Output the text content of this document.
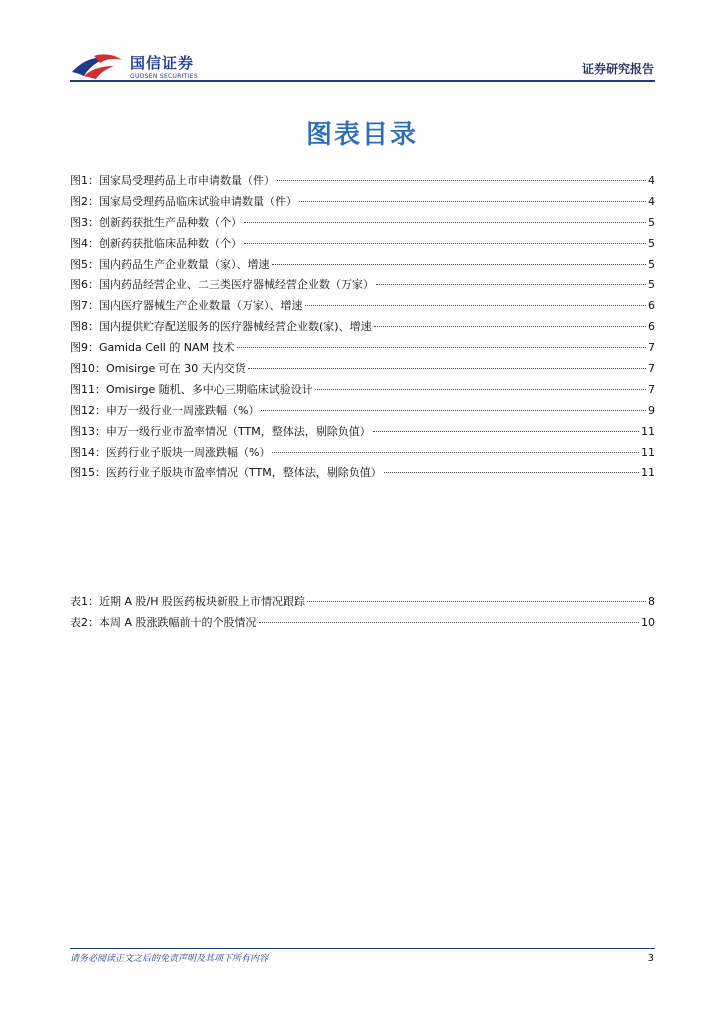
国信证券
GUOSEN SECURITIES
证券研究报告
图表目录
图1： 国家局受理药品上市申请数量（件）	4
图2： 国家局受理药品临床试验申请数量（件）	4
图3： 创新药获批生产品种数（个）	5
图4： 创新药获批临床品种数（个）	5
图5： 国内药品生产企业数量（家）、增速	5
图6： 国内药品经营企业、二三类医疗器械经营企业数（万家）	5
图7： 国内医疗器械生产企业数量（万家）、增速	6
图8： 国内提供贮存配送服务的医疗器械经营企业数(家)、增速	6
图9： Gamida Cell 的 NAM 技术	7
图10： Omisirge 可在 30 天内交货	7
图11： Omisirge 随机、多中心三期临床试验设计	7
图12： 申万一级行业一周涨跌幅（%）	9
图13： 申万一级行业市盈率情况（TTM，整体法，剔除负值）	11
图14： 医药行业子版块一周涨跌幅（%）	11
图15： 医药行业子版块市盈率情况（TTM，整体法，剔除负值）	11
表1： 近期 A 股/H 股医药板块新股上市情况跟踪	8
表2： 本周 A 股涨跌幅前十的个股情况	10
请务必阅读正文之后的免责声明及其项下所有内容	3
